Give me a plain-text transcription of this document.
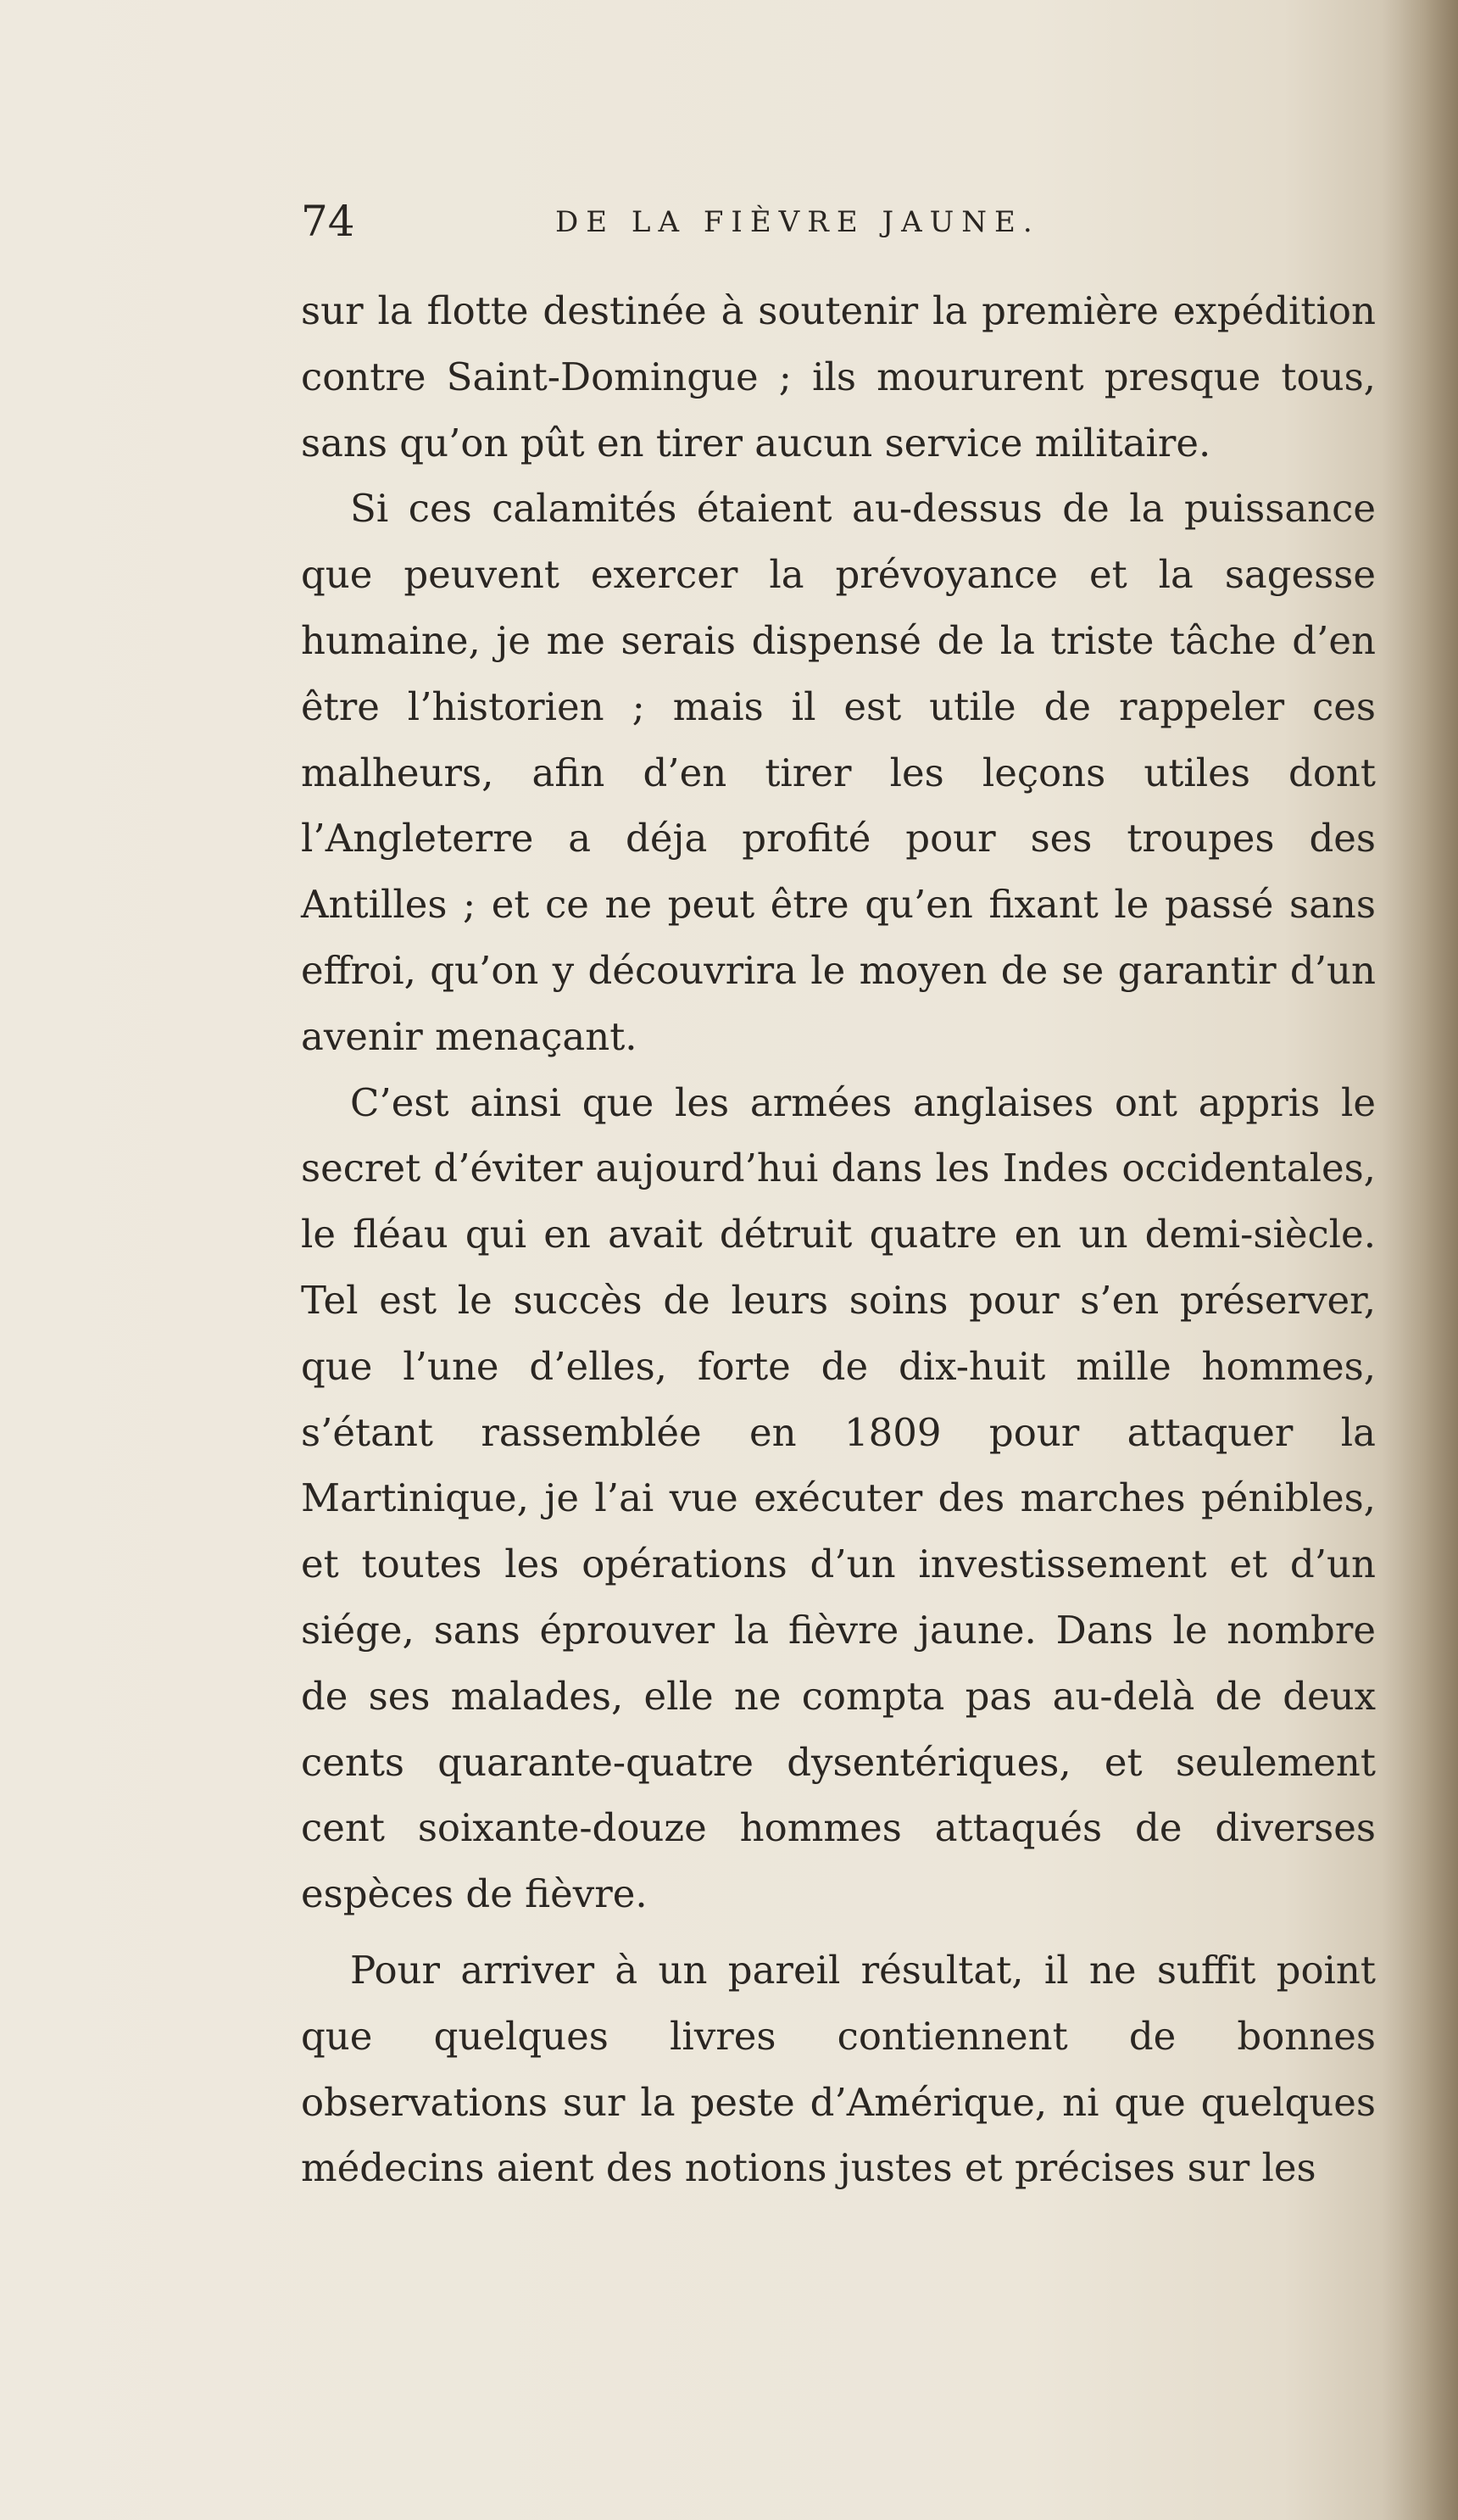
74	DE LA FIÈVRE JAUNE.

sur la flotte destinée à soutenir la première expédition contre Saint-Domingue ; ils moururent presque tous, sans qu’on pût en tirer aucun service militaire.

Si ces calamités étaient au-dessus de la puissance que peuvent exercer la prévoyance et la sagesse humaine, je me serais dispensé de la triste tâche d’en être l’historien ; mais il est utile de rappeler ces malheurs, afin d’en tirer les leçons utiles dont l’Angleterre a déja profité pour ses troupes des Antilles ; et ce ne peut être qu’en fixant le passé sans effroi, qu’on y découvrira le moyen de se garantir d’un avenir menaçant.

C’est ainsi que les armées anglaises ont appris le secret d’éviter aujourd’hui dans les Indes occidentales, le fléau qui en avait détruit quatre en un demi-siècle. Tel est le succès de leurs soins pour s’en préserver, que l’une d’elles, forte de dix-huit mille hommes, s’étant rassemblée en 1809 pour attaquer la Martinique, je l’ai vue exécuter des marches pénibles, et toutes les opérations d’un investissement et d’un siége, sans éprouver la fièvre jaune. Dans le nombre de ses malades, elle ne compta pas au-delà de deux cents quarante-quatre dysentériques, et seulement cent soixante-douze hommes attaqués de diverses espèces de fièvre.

Pour arriver à un pareil résultat, il ne suffit point que quelques livres contiennent de bonnes observations sur la peste d’Amérique, ni que quelques médecins aient des notions justes et précises sur les
